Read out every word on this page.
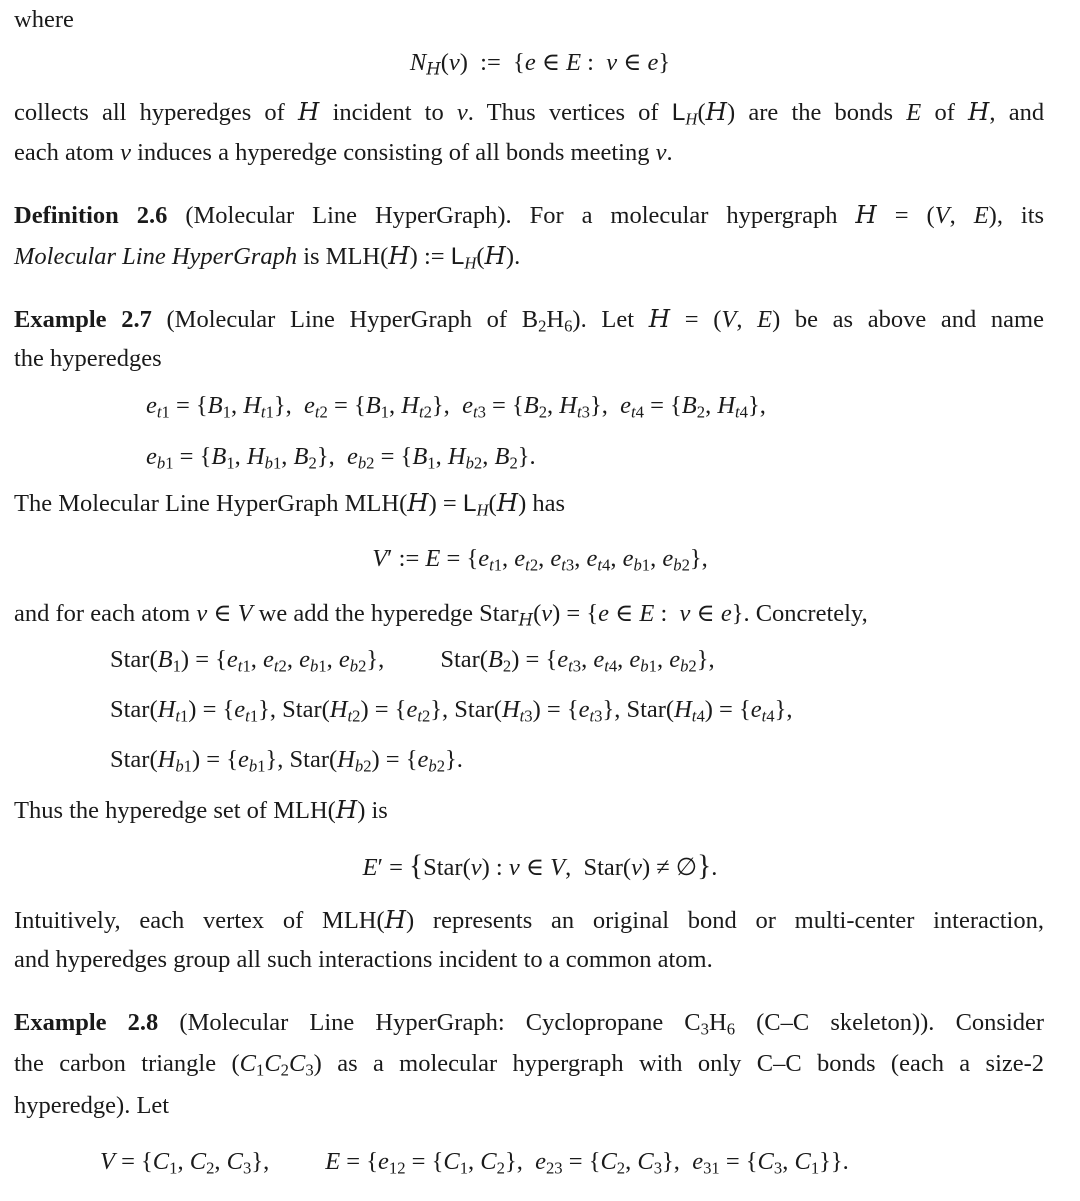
where
$N_H(v)$  :=  {e ∈ E :  v ∈ e}
collects all hyperedges of H incident to v. Thus vertices of $L_H(H)$ are the bonds E of H, and
each atom v induces a hyperedge consisting of all bonds meeting v.
Definition 2.6 (Molecular Line HyperGraph). For a molecular hypergraph H = (V, E), its
Molecular Line HyperGraph is MLH(H) := $L_H(H)$.
Example 2.7 (Molecular Line HyperGraph of $B_2H_6$). Let H = (V, E) be as above and name
the hyperedges
$e_{t1} = \{B_1$, $H_{t1}$},  $e_{t2} = \{B_1$, $H_{t2}$},  $e_{t3} = \{B_2$, $H_{t3}$},  $e_{t4} = \{B_2$, $H_{t4}$},
$e_{b1} = \{B_1$, $H_{b1}$, $B_2$},  $e_{b2} = \{B_1$, $H_{b2}$, $B_2$}.
The Molecular Line HyperGraph $MLH(H) = L_H(H)$ has
V′ := $E = \{e_{t1}$, $e_{t2}$, $e_{t3}$, $e_{t4}$, $e_{b1}$, $e_{b2}$},
and for each atom v ∈ V we add the hyperedge Star$_H$(v) = {e ∈ E :  v ∈ e}. Concretely,
$Star(B_1) = \{e_{t1}$, $e_{t2}$, $e_{b1}$, $e_{b2}$}, $Star(B_2) = \{e_{t3}$, $e_{t4}$, $e_{b1}$, $e_{b2}$},
$Star(H_{t1}) = \{e_{t1}\}$, $Star(H_{t2}) = \{e_{t2}\}$, $Star(H_{t3}) = \{e_{t3}\}$, $Star(H_{t4}) = \{e_{t4}\}$,
$Star(H_{b1}) = \{e_{b1}\}$, $Star(H_{b2}) = \{e_{b2}\}$.
Thus the hyperedge set of MLH(H) is
E′ = {Star(v) : v ∈ V,  Star(v) ≠ ∅}.
Intuitively, each vertex of MLH(H) represents an original bond or multi-center interaction,
and hyperedges group all such interactions incident to a common atom.
Example 2.8 (Molecular Line HyperGraph: Cyclopropane $C_3H_6$ (C–C skeleton)). Consider
the carbon triangle $(C_1C_2C_3)$ as a molecular hypergraph with only C–C bonds (each a size-2
hyperedge). Let
$V = \{C_1$, $C_2$, $C_3$}, $E = \{e_{12} = \{C_1$, $C_2$},  $e_{23} = \{C_2$, $C_3$},  $e_{31} = \{C_3$, $C_1$}}.
